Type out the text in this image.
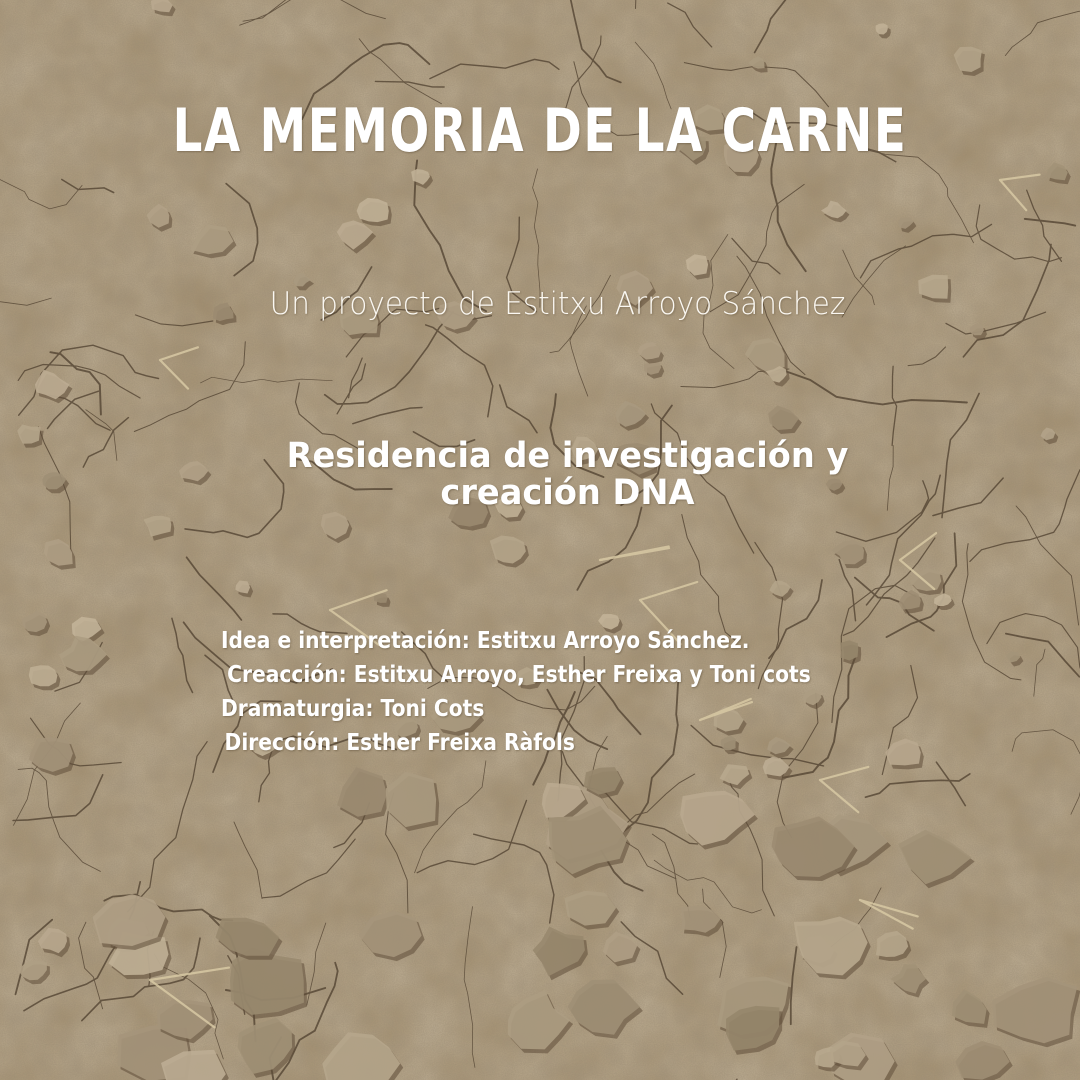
LA MEMORIA DE LA CARNE

Un proyecto de Estitxu Arroyo Sánchez

Residencia de investigación y
creación DNA
Idea e interpretación: Estitxu Arroyo Sánchez.
Creacción: Estitxu Arroyo, Esther Freixa y Toni cots
Dramaturgia: Toni Cots
Dirección: Esther Freixa Ràfols
